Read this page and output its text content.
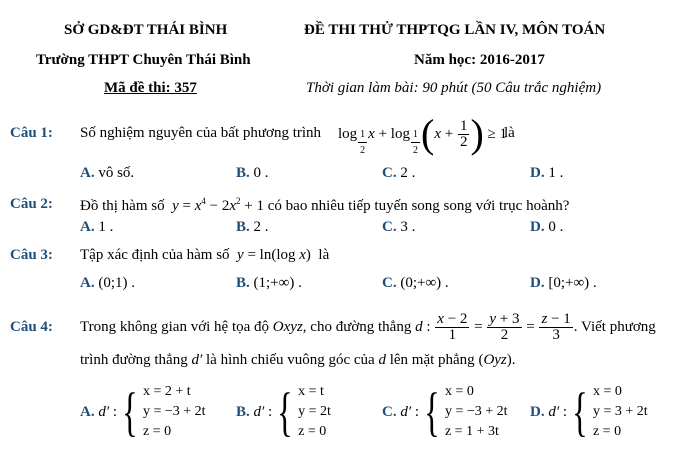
SỞ GD&ĐT THÁI BÌNH	ĐỀ THI THỬ THPTQG LẦN IV, MÔN TOÁN
Trường THPT Chuyên Thái Bình	Năm học: 2016-2017
Mã đề thi: 357	Thời gian làm bài: 90 phút (50 Câu trắc nghiệm)
Câu 1: Số nghiệm nguyên của bất phương trình $\log \frac{1}{2}$ $x + \log \frac{1}{2}$ ( $x + \frac{1}{2}$ ) ≥ 1
là
A. vô số.	B. 0 .	C. 2 .	D. 1 .
Câu 2: Đồ thị hàm số $y = x^4 - 2x^2 + 1$ có bao nhiêu tiếp tuyến song song với trục hoành?
A. 1 .	B. 2 .	C. 3 .	D. 0 .
Câu 3: Tập xác định của hàm số y = ln(log x) là
A. (0;1) .	B. (1;+∞) .	C. (0;+∞) .	D. [0;+∞) .
Câu 4: Trong không gian với hệ tọa độ
Oxyz , cho đường thẳng
d : $\frac{x - 2}{1} = \frac{y + 3}{2} = \frac{z - 1}{3}$ . Viết phương
trình đường thẳng d′ là hình chiếu vuông góc của d lên mặt phẳng (Oyz).
A.
d′ : { x = 2 + t
y = −3 + 2t
z = 0
B.
d′ : { x = t
y = 2t
z = 0
C.
d′ : { x = 0
y = −3 + 2t
z = 1 + 3t
D.
d′ : { x = 0
y = 3 + 2t
z = 0
